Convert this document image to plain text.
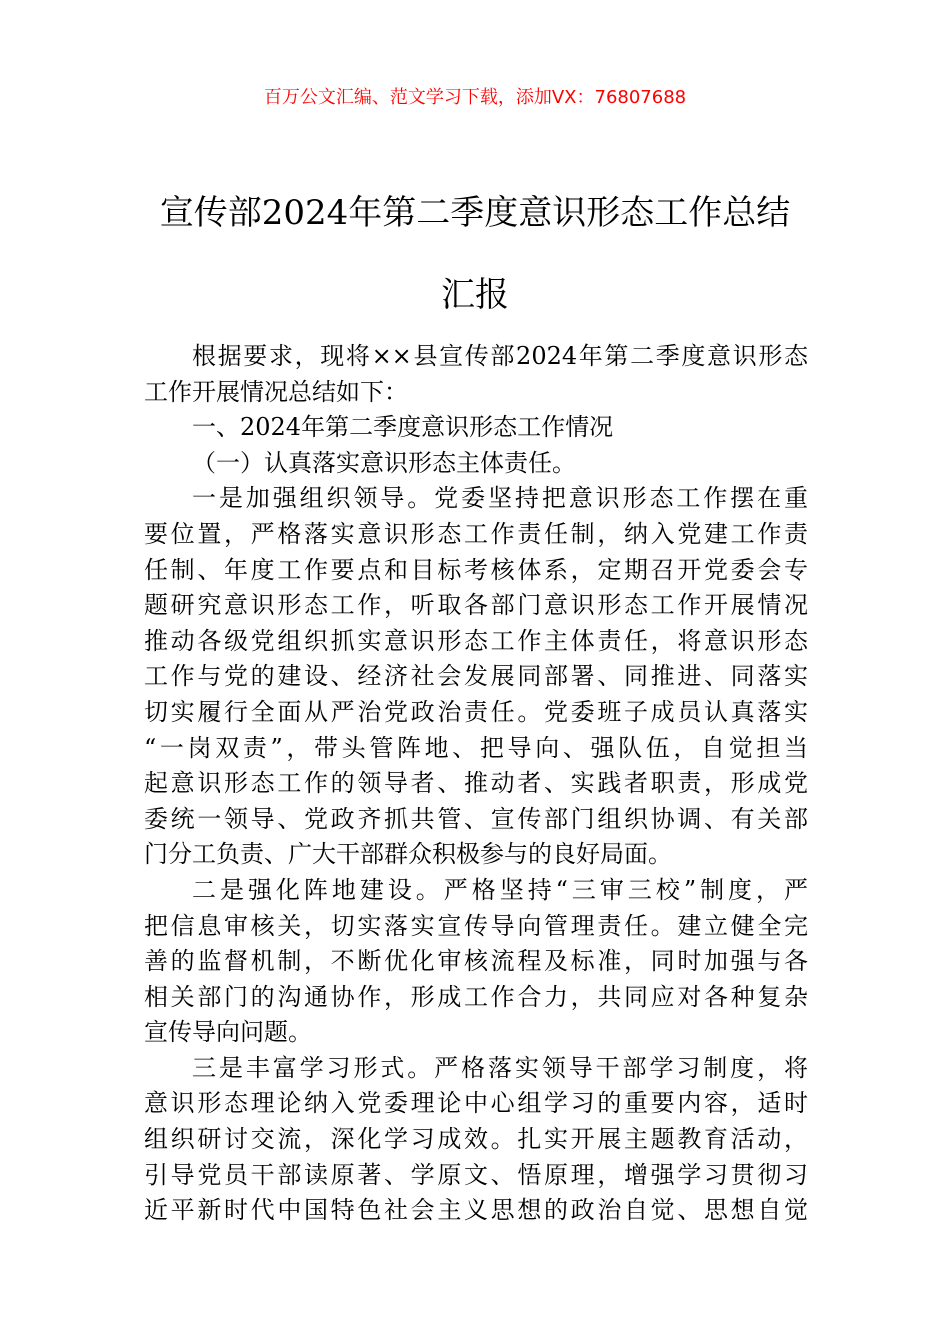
百万公文汇编、范文学习下载，添加VX：76807688
宣传部2024年第二季度意识形态工作总结
汇报
根据要求，现将××县宣传部2024年第二季度意识形态
工作开展情况总结如下：
一、2024年第二季度意识形态工作情况
（一）认真落实意识形态主体责任。
一是加强组织领导。党委坚持把意识形态工作摆在重
要位置，严格落实意识形态工作责任制，纳入党建工作责
任制、年度工作要点和目标考核体系，定期召开党委会专
题研究意识形态工作，听取各部门意识形态工作开展情况
推动各级党组织抓实意识形态工作主体责任，将意识形态
工作与党的建设、经济社会发展同部署、同推进、同落实
切实履行全面从严治党政治责任。党委班子成员认真落实
“一岗双责”，带头管阵地、把导向、强队伍，自觉担当
起意识形态工作的领导者、推动者、实践者职责，形成党
委统一领导、党政齐抓共管、宣传部门组织协调、有关部
门分工负责、广大干部群众积极参与的良好局面。
二是强化阵地建设。严格坚持“三审三校”制度，严
把信息审核关，切实落实宣传导向管理责任。建立健全完
善的监督机制，不断优化审核流程及标准，同时加强与各
相关部门的沟通协作，形成工作合力，共同应对各种复杂
宣传导向问题。
三是丰富学习形式。严格落实领导干部学习制度，将
意识形态理论纳入党委理论中心组学习的重要内容，适时
组织研讨交流，深化学习成效。扎实开展主题教育活动，
引导党员干部读原著、学原文、悟原理，增强学习贯彻习
近平新时代中国特色社会主义思想的政治自觉、思想自觉
